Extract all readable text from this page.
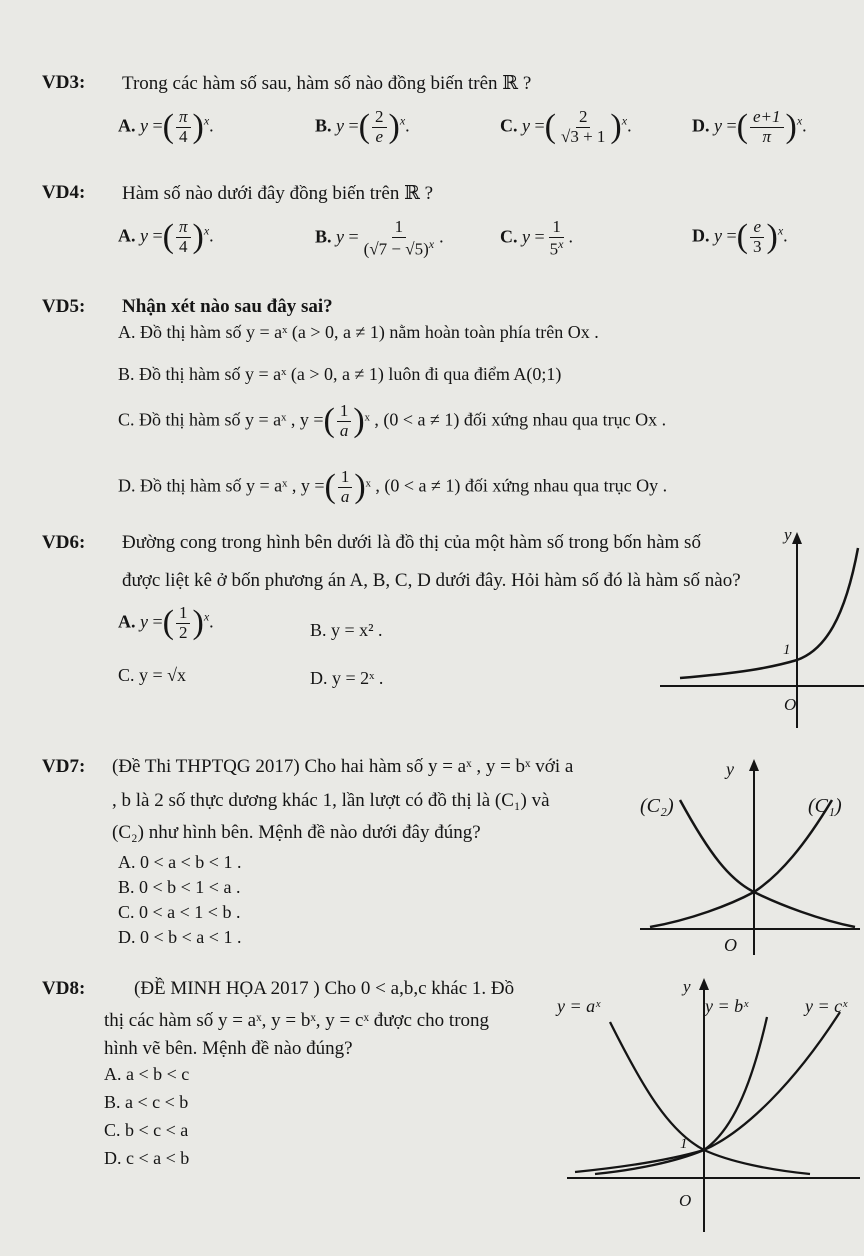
VD3: Trong các hàm số sau, hàm số nào đồng biến trên ℝ ?
A. y =( $\frac{\pi}{4} )^x$.	B. y =( $\frac{2}{e} )^x$.	C. y =( $\frac{2}{√3 + 1} )^x$.	D. y =( $\frac{e+1}{\pi} )^x$.
VD4: Hàm số nào dưới đây đồng biến trên ℝ ?
A. y =( $\frac{\pi}{4} )^x$.	B. $y = \frac{1}{(√7 - √5)^x}$ .	C. $y = \frac{1}{5^x}$ .	D. y =( $\frac{e}{3} )^x$.
VD5: Nhận xét nào sau đây sai?
A. Đồ thị hàm số y = aˣ (a > 0, a ≠ 1) nằm hoàn toàn phía trên Ox .
B. Đồ thị hàm số y = aˣ (a > 0, a ≠ 1) luôn đi qua điểm A(0;1)
C. Đồ thị hàm số y = aˣ , y =( $\frac{1}{a}$ )ˣ , (0 < a ≠ 1) đối xứng nhau qua trục Ox .
D. Đồ thị hàm số y = aˣ , y =( $\frac{1}{a}$ )ˣ , (0 < a ≠ 1) đối xứng nhau qua trục Oy .
VD6: Đường cong trong hình bên dưới là đồ thị của một hàm số trong bốn hàm số
được liệt kê ở bốn phương án A, B, C, D dưới đây. Hỏi hàm số đó là hàm số nào?
A. y =( $\frac{1}{2} )^x$.	B. y = x² .
C. y = √x	D. y = 2ˣ .
y
1
O
VD7: (Đề Thi THPTQG 2017) Cho hai hàm số y = aˣ , y = bˣ với a
, b là 2 số thực dương khác 1, lần lượt có đồ thị là (C₁) và
(C₂) như hình bên. Mệnh đề nào dưới đây đúng?
A. 0 < a < b < 1 .
B. 0 < b < 1 < a .
C. 0 < a < 1 < b .
D. 0 < b < a < 1 .
y
(C₂)	(C₁)
O
VD8:	(ĐỀ MINH HỌA 2017 ) Cho 0 < a,b,c khác 1. Đồ
thị các hàm số y = aˣ, y = bˣ, y = cˣ được cho trong
hình vẽ bên. Mệnh đề nào đúng?
A. a < b < c
B. a < c < b
C. b < c < a
D. c < a < b
y
y = aˣ	y = bˣ	y = cˣ
1
O
